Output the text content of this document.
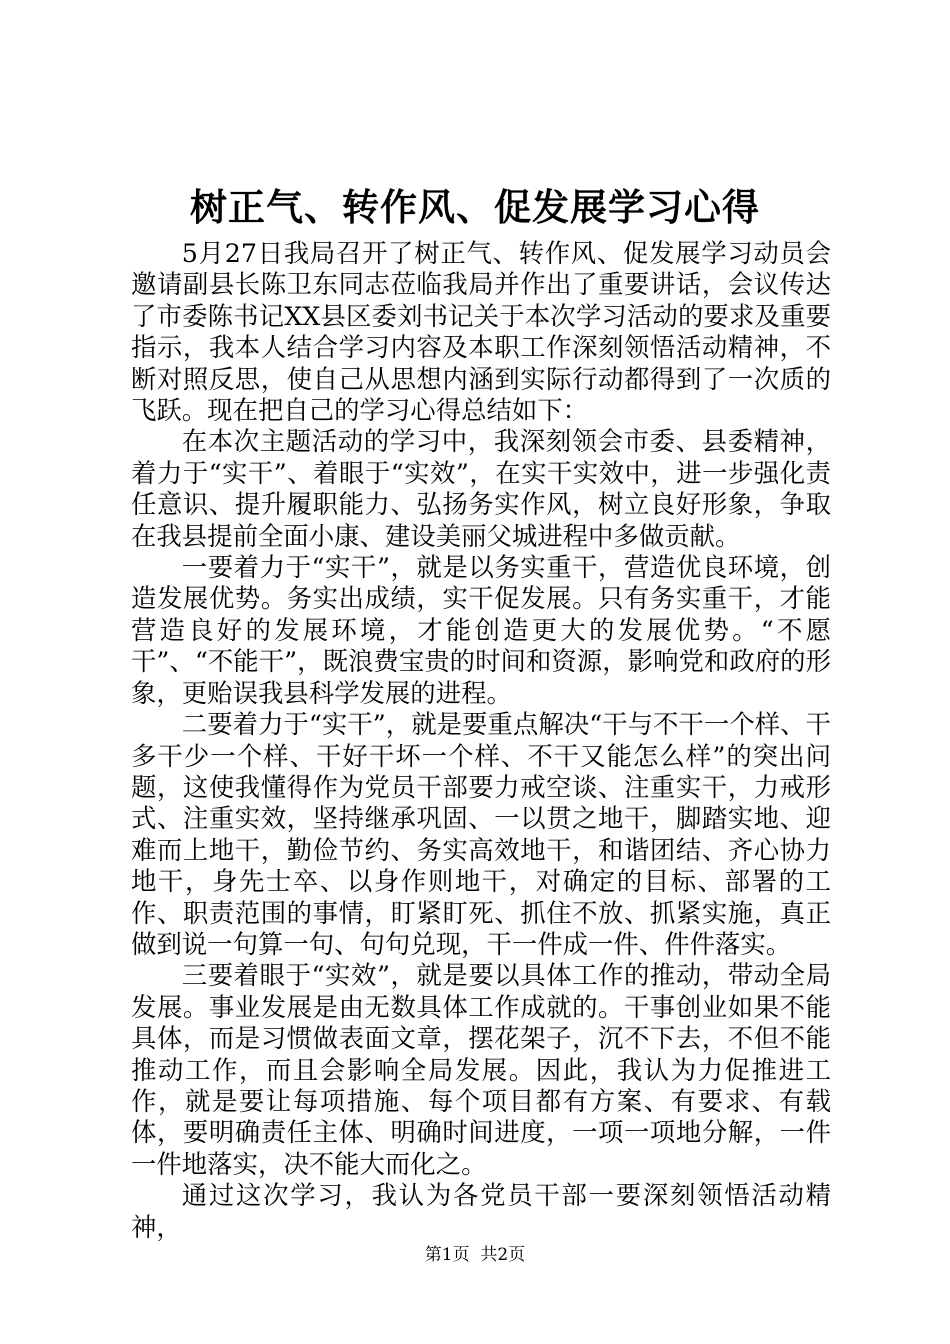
树正气、转作风、促发展学习心得

5月27日我局召开了树正气、转作风、促发展学习动员会邀请副县长陈卫东同志莅临我局并作出了重要讲话，会议传达了市委陈书记XX县区委刘书记关于本次学习活动的要求及重要指示，我本人结合学习内容及本职工作深刻领悟活动精神，不断对照反思，使自己从思想内涵到实际行动都得到了一次质的飞跃。现在把自己的学习心得总结如下：

在本次主题活动的学习中，我深刻领会市委、县委精神，着力于“实干”、着眼于“实效”，在实干实效中，进一步强化责任意识、提升履职能力、弘扬务实作风，树立良好形象，争取在我县提前全面小康、建设美丽父城进程中多做贡献。

一要着力于“实干”，就是以务实重干，营造优良环境，创造发展优势。务实出成绩，实干促发展。只有务实重干，才能营造良好的发展环境，才能创造更大的发展优势。“不愿干”、“不能干”，既浪费宝贵的时间和资源，影响党和政府的形象，更贻误我县科学发展的进程。

二要着力于“实干”，就是要重点解决“干与不干一个样、干多干少一个样、干好干坏一个样、不干又能怎么样”的突出问题，这使我懂得作为党员干部要力戒空谈、注重实干，力戒形式、注重实效，坚持继承巩固、一以贯之地干，脚踏实地、迎难而上地干，勤俭节约、务实高效地干，和谐团结、齐心协力地干，身先士卒、以身作则地干，对确定的目标、部署的工作、职责范围的事情，盯紧盯死、抓住不放、抓紧实施，真正做到说一句算一句、句句兑现，干一件成一件、件件落实。

三要着眼于“实效”，就是要以具体工作的推动，带动全局发展。事业发展是由无数具体工作成就的。干事创业如果不能具体，而是习惯做表面文章，摆花架子，沉不下去，不但不能推动工作，而且会影响全局发展。因此，我认为力促推进工作，就是要让每项措施、每个项目都有方案、有要求、有载体，要明确责任主体、明确时间进度，一项一项地分解，一件一件地落实，决不能大而化之。

通过这次学习，我认为各党员干部一要深刻领悟活动精神，

第1页  共2页
